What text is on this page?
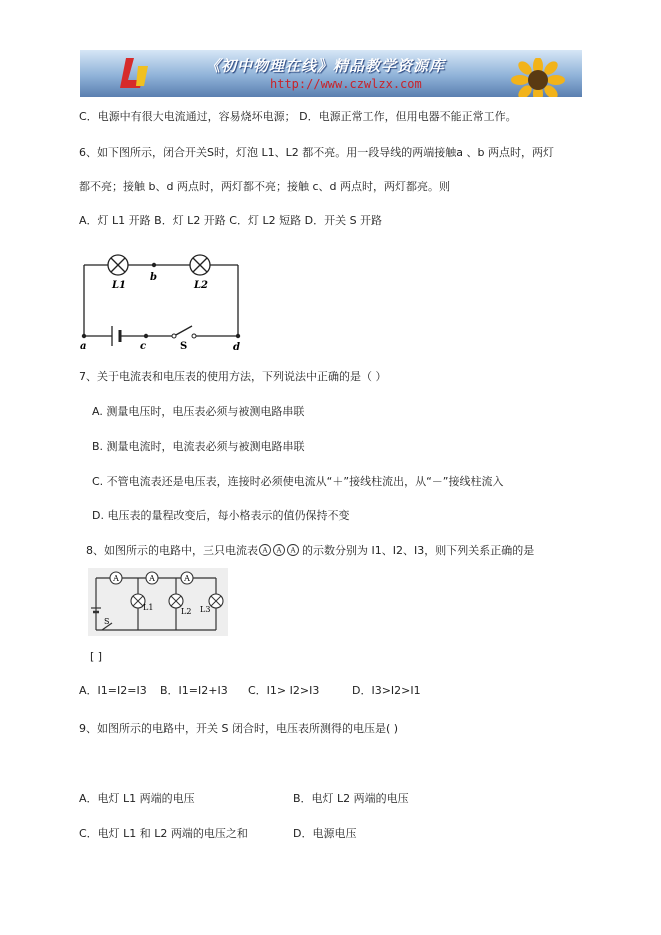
《初中物理在线》精品教学资源库
http://www.czwlzx.com
C．电源中有很大电流通过，容易烧坏电源； D．电源正常工作，但用电器不能正常工作。
6、如下图所示，闭合开关S时，灯泡 L1、L2 都不亮。用一段导线的两端接触a 、b 两点时，两灯
都不亮；接触 b、d 两点时，两灯都不亮；接触 c、d 两点时，两灯都亮。则
A．灯 L1 开路 B．灯 L2 开路 C．灯 L2 短路 D．开关 S 开路
L1	L2
b
a	c	S	d
7、关于电流表和电压表的使用方法，下列说法中正确的是（ ）
A. 测量电压时，电压表必须与被测电路串联
B. 测量电流时，电流表必须与被测电路串联
C. 不管电流表还是电压表，连接时必须使电流从“＋”接线柱流出，从“－”接线柱流入
D. 电压表的量程改变后，每小格表示的值仍保持不变
8、如图所示的电路中，三只电流表 A A A 的示数分别为 I1、I2、I3，则下列关系正确的是
A	A	A
L1	L2 L3
S
[ ]
A．I1=I2=I3 B．I1=I2+I3 C．I1> I2>I3	D．I3>I2>I1
9、如图所示的电路中，开关 S 闭合时，电压表所测得的电压是( )
A．电灯 L1 两端的电压	B．电灯 L2 两端的电压
C．电灯 L1 和 L2 两端的电压之和	D．电源电压
